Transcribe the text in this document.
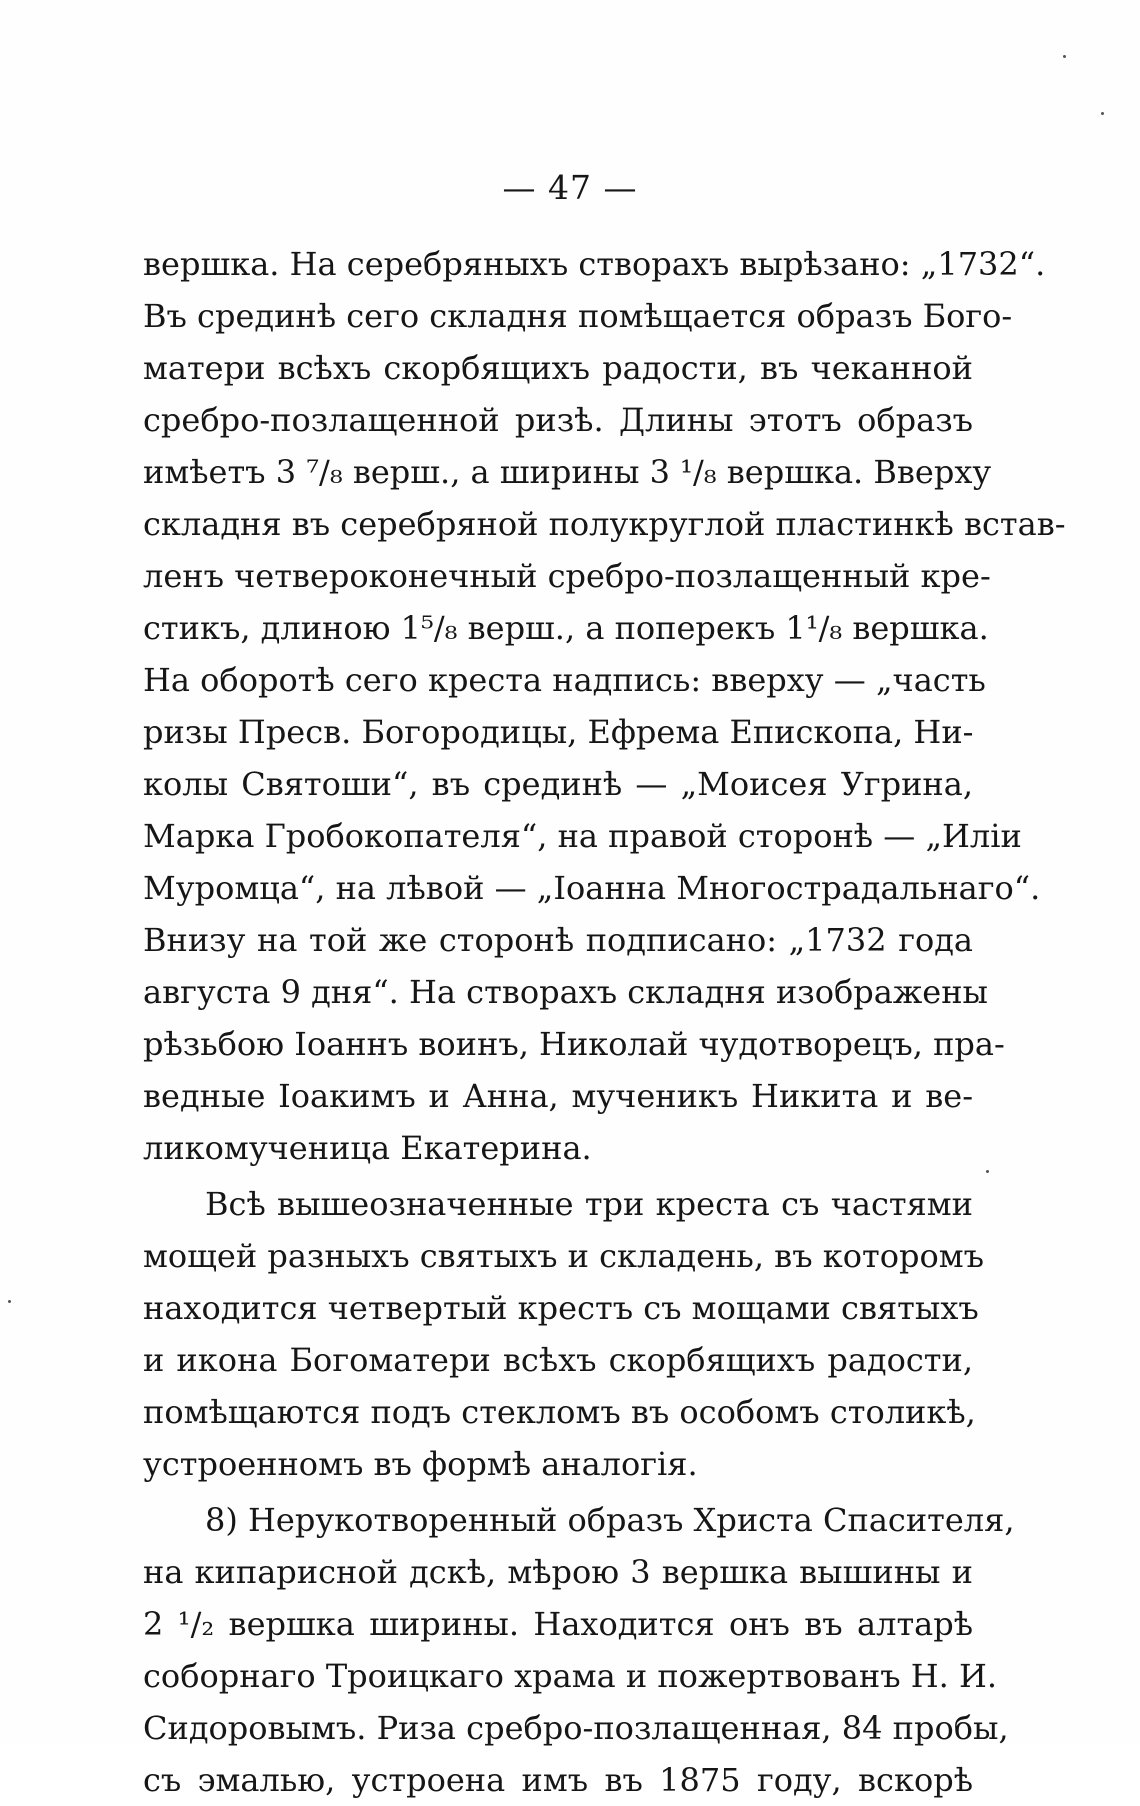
— 47 —
вершка. На серебряныхъ створахъ вырѣзано: „1732“.
Въ срединѣ сего складня помѣщается образъ Бого-
матери всѣхъ скорбящихъ радости, въ чеканной
сребро-позлащенной ризѣ. Длины этотъ образъ
имѣетъ 3 ⁷/₈ верш., а ширины 3 ¹/₈ вершка. Вверху
складня въ серебряной полукруглой пластинкѣ встав-
ленъ четвероконечный сребро-позлащенный кре-
стикъ, длиною 1⁵/₈ верш., а поперекъ 1¹/₈ вершка.
На оборотѣ сего креста надпись: вверху — „часть
ризы Пресв. Богородицы, Ефрема Епископа, Ни-
колы Святоши“, въ срединѣ — „Моисея Угрина,
Марка Гробокопателя“, на правой сторонѣ — „Иліи
Муромца“, на лѣвой — „Іоанна Многострадальнаго“.
Внизу на той же сторонѣ подписано: „1732 года
августа 9 дня“. На створахъ складня изображены
рѣзьбою Іоаннъ воинъ, Николай чудотворецъ, пра-
ведные Іоакимъ и Анна, мученикъ Никита и ве-
ликомученица Екатерина.
Всѣ вышеозначенные три креста съ частями
мощей разныхъ святыхъ и складень, въ которомъ
находится четвертый крестъ съ мощами святыхъ
и икона Богоматери всѣхъ скорбящихъ радости,
помѣщаются подъ стекломъ въ особомъ столикѣ,
устроенномъ въ формѣ аналогія.
8) Нерукотворенный образъ Христа Спасителя,
на кипарисной дскѣ, мѣрою 3 вершка вышины и
2 ¹/₂ вершка ширины. Находится онъ въ алтарѣ
соборнаго Троицкаго храма и пожертвованъ Н. И.
Сидоровымъ. Риза сребро-позлащенная, 84 пробы,
съ эмалью, устроена имъ въ 1875 году, вскорѣ
